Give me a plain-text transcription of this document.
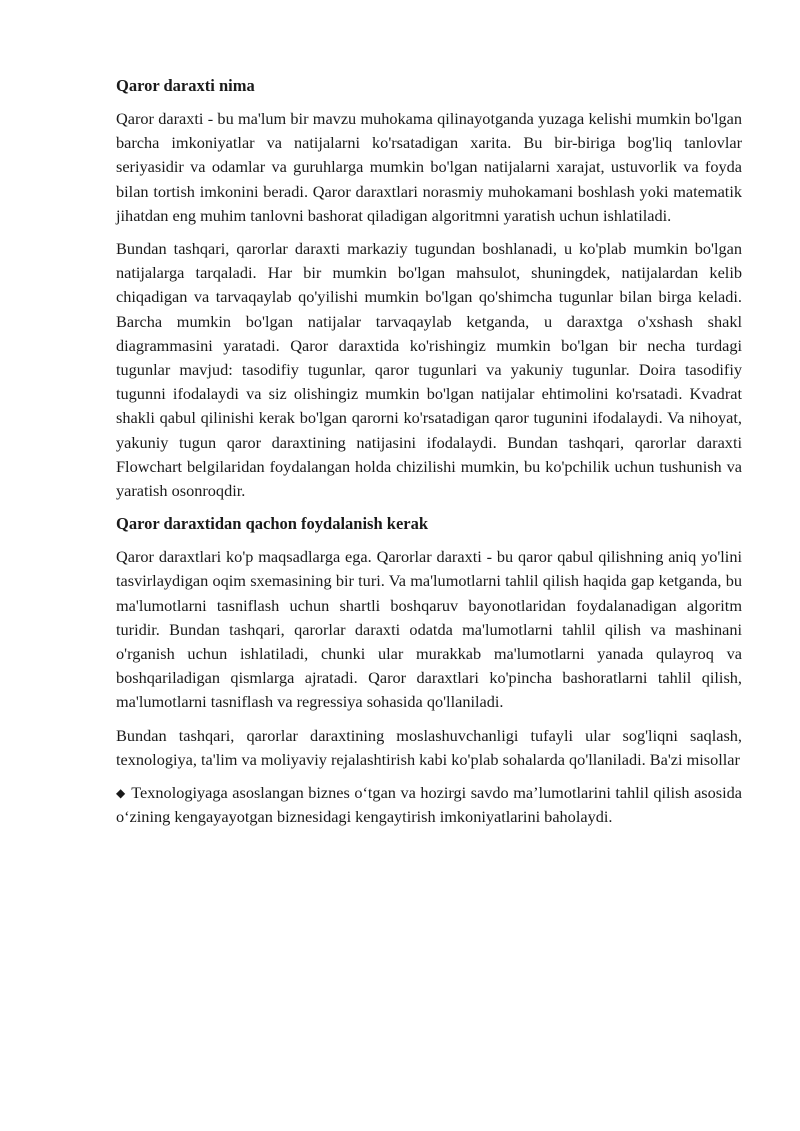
Qaror daraxti nima

Qaror daraxti - bu ma'lum bir mavzu muhokama qilinayotganda yuzaga kelishi mumkin bo'lgan barcha imkoniyatlar va natijalarni ko'rsatadigan xarita. Bu bir-biriga bog'liq tanlovlar seriyasidir va odamlar va guruhlarga mumkin bo'lgan natijalarni xarajat, ustuvorlik va foyda bilan tortish imkonini beradi. Qaror daraxtlari norasmiy muhokamani boshlash yoki matematik jihatdan eng muhim tanlovni bashorat qiladigan algoritmni yaratish uchun ishlatiladi.

Bundan tashqari, qarorlar daraxti markaziy tugundan boshlanadi, u ko'plab mumkin bo'lgan natijalarga tarqaladi. Har bir mumkin bo'lgan mahsulot, shuningdek, natijalardan kelib chiqadigan va tarvaqaylab qo'yilishi mumkin bo'lgan qo'shimcha tugunlar bilan birga keladi. Barcha mumkin bo'lgan natijalar tarvaqaylab ketganda, u daraxtga o'xshash shakl diagrammasini yaratadi. Qaror daraxtida ko'rishingiz mumkin bo'lgan bir necha turdagi tugunlar mavjud: tasodifiy tugunlar, qaror tugunlari va yakuniy tugunlar. Doira tasodifiy tugunni ifodalaydi va siz olishingiz mumkin bo'lgan natijalar ehtimolini ko'rsatadi. Kvadrat shakli qabul qilinishi kerak bo'lgan qarorni ko'rsatadigan qaror tugunini ifodalaydi. Va nihoyat, yakuniy tugun qaror daraxtining natijasini ifodalaydi. Bundan tashqari, qarorlar daraxti Flowchart belgilaridan foydalangan holda chizilishi mumkin, bu ko'pchilik uchun tushunish va yaratish osonroqdir.

Qaror daraxtidan qachon foydalanish kerak

Qaror daraxtlari ko'p maqsadlarga ega. Qarorlar daraxti - bu qaror qabul qilishning aniq yo'lini tasvirlaydigan oqim sxemasining bir turi. Va ma'lumotlarni tahlil qilish haqida gap ketganda, bu ma'lumotlarni tasniflash uchun shartli boshqaruv bayonotlaridan foydalanadigan algoritm turidir. Bundan tashqari, qarorlar daraxti odatda ma'lumotlarni tahlil qilish va mashinani o'rganish uchun ishlatiladi, chunki ular murakkab ma'lumotlarni yanada qulayroq va boshqariladigan qismlarga ajratadi. Qaror daraxtlari ko'pincha bashoratlarni tahlil qilish, ma'lumotlarni tasniflash va regressiya sohasida qo'llaniladi.

Bundan tashqari, qarorlar daraxtining moslashuvchanligi tufayli ular sog'liqni saqlash, texnologiya, ta'lim va moliyaviy rejalashtirish kabi ko'plab sohalarda qo'llaniladi. Ba'zi misollar

◆ Texnologiyaga asoslangan biznes o‘tgan va hozirgi savdo ma’lumotlarini tahlil qilish asosida o‘zining kengayayotgan biznesidagi kengaytirish imkoniyatlarini baholaydi.
